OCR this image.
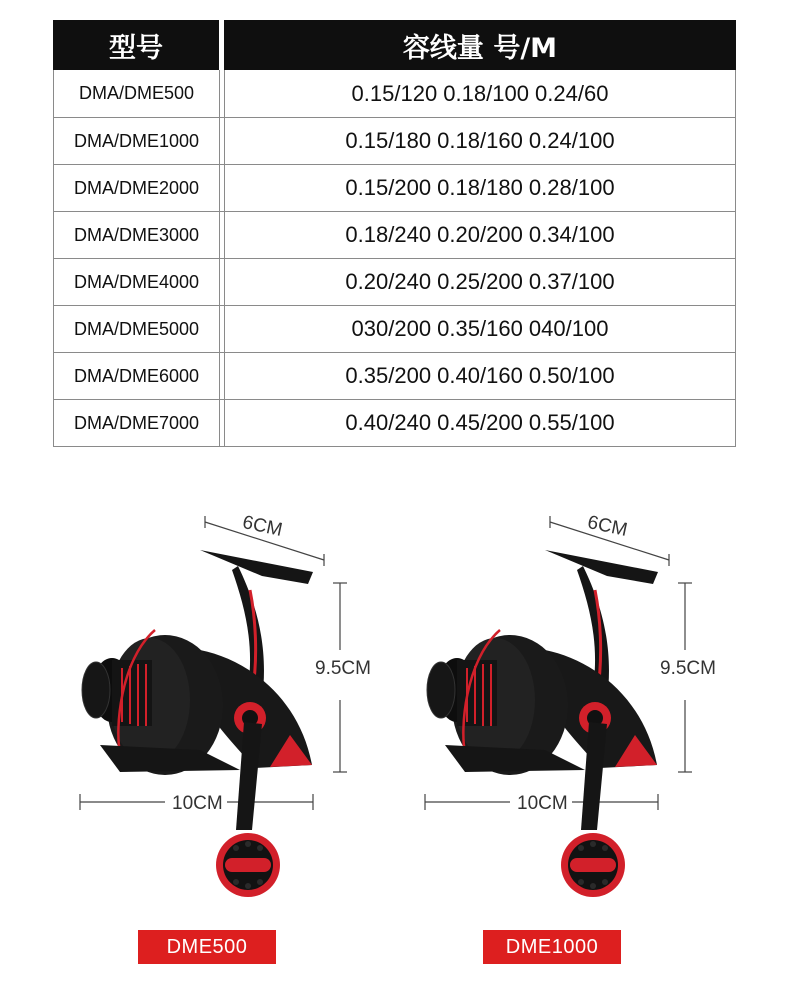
型号	容线量 号/M
DMA/DME500	0.15/120 0.18/100 0.24/60
DMA/DME1000	0.15/180 0.18/160 0.24/100
DMA/DME2000	0.15/200 0.18/180 0.28/100
DMA/DME3000	0.18/240 0.20/200 0.34/100
DMA/DME4000	0.20/240 0.25/200 0.37/100
DMA/DME5000	030/200 0.35/160 040/100
DMA/DME6000	0.35/200 0.40/160 0.50/100
DMA/DME7000	0.40/240 0.45/200 0.55/100
6CM
9.5CM
10CM
DME500
6CM
9.5CM
10CM
DME1000
